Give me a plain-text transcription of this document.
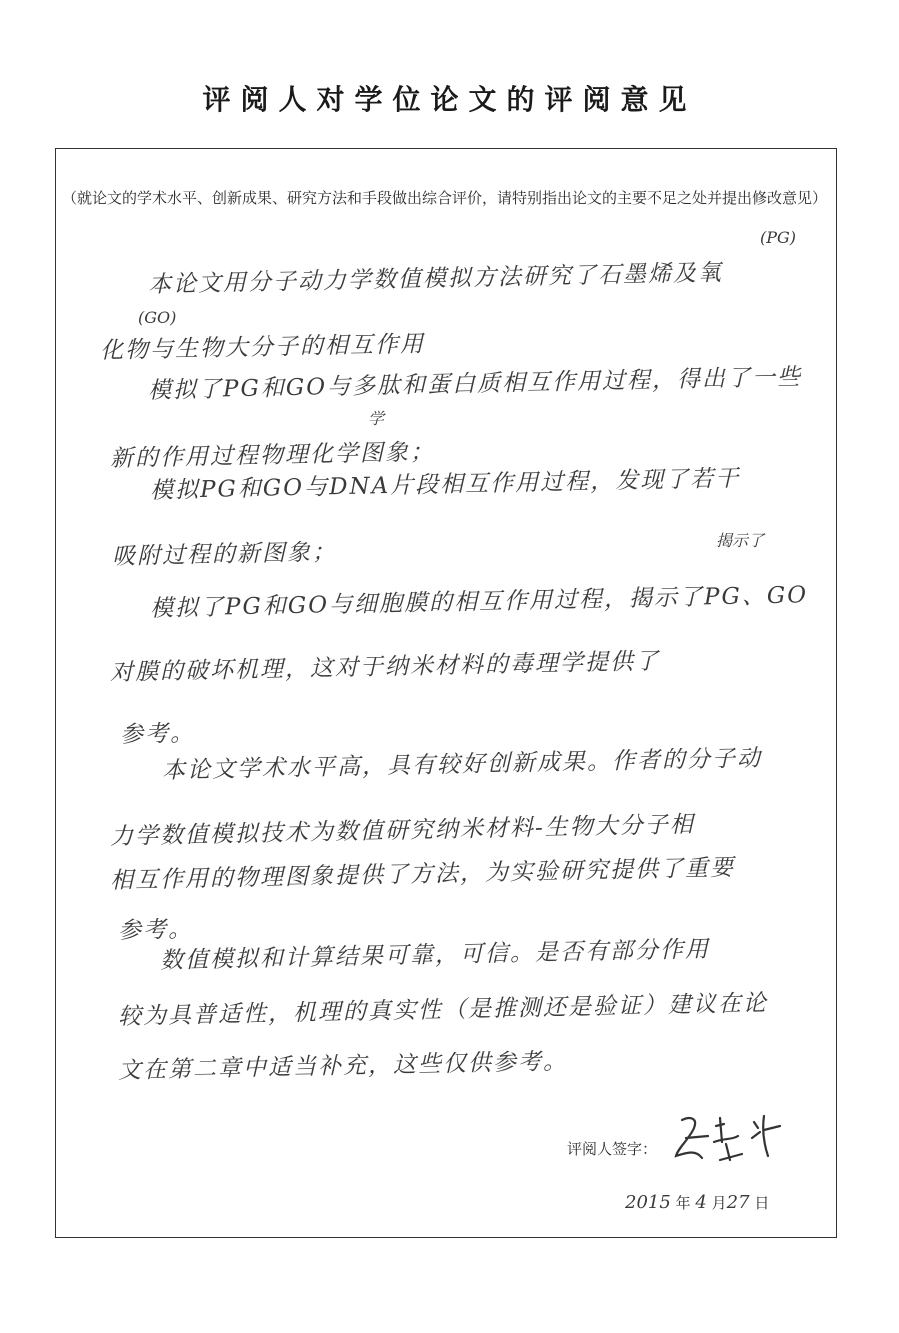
评阅人对学位论文的评阅意见
（就论文的学术水平、创新成果、研究方法和手段做出综合评价，请特别指出论文的主要不足之处并提出修改意见）
(PG)
本论文用分子动力学数值模拟方法研究了石墨烯及氧
(GO)
化物与生物大分子的相互作用
模拟了PG和GO与多肽和蛋白质相互作用过程，得出了一些
学
新的作用过程物理化学图象；
模拟PG和GO与DNA片段相互作用过程，发现了若干
吸附过程的新图象；	揭示了
模拟了PG和GO与细胞膜的相互作用过程，揭示了PG、GO
对膜的破坏机理，这对于纳米材料的毒理学提供了
参考。
本论文学术水平高，具有较好创新成果。作者的分子动
力学数值模拟技术为数值研究纳米材料-生物大分子相
相互作用的物理图象提供了方法，为实验研究提供了重要
参考。
数值模拟和计算结果可靠，可信。是否有部分作用
较为具普适性，机理的真实性（是推测还是验证）建议在论
文在第二章中适当补充，这些仅供参考。
评阅人签字：
2015 年 4 月27 日
